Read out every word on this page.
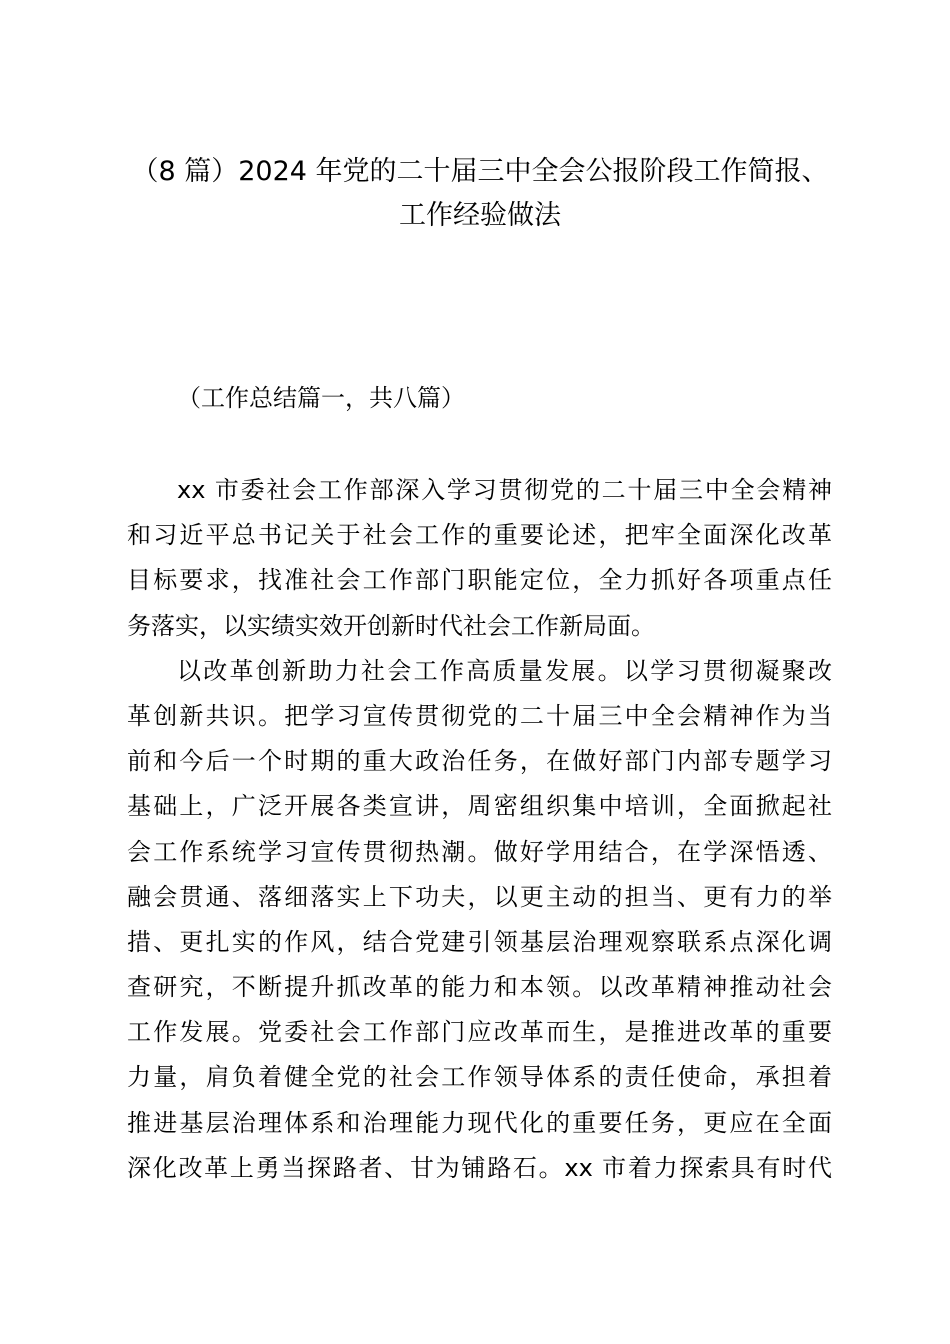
（8 篇）2024 年党的二十届三中全会公报阶段工作简报、
工作经验做法

（工作总结篇一，共八篇）

xx 市委社会工作部深入学习贯彻党的二十届三中全会精神
和习近平总书记关于社会工作的重要论述，把牢全面深化改革
目标要求，找准社会工作部门职能定位，全力抓好各项重点任
务落实，以实绩实效开创新时代社会工作新局面。
以改革创新助力社会工作高质量发展。以学习贯彻凝聚改
革创新共识。把学习宣传贯彻党的二十届三中全会精神作为当
前和今后一个时期的重大政治任务，在做好部门内部专题学习
基础上，广泛开展各类宣讲，周密组织集中培训，全面掀起社
会工作系统学习宣传贯彻热潮。做好学用结合，在学深悟透、
融会贯通、落细落实上下功夫，以更主动的担当、更有力的举
措、更扎实的作风，结合党建引领基层治理观察联系点深化调
查研究，不断提升抓改革的能力和本领。以改革精神推动社会
工作发展。党委社会工作部门应改革而生，是推进改革的重要
力量，肩负着健全党的社会工作领导体系的责任使命，承担着
推进基层治理体系和治理能力现代化的重要任务，更应在全面
深化改革上勇当探路者、甘为铺路石。xx 市着力探索具有时代
